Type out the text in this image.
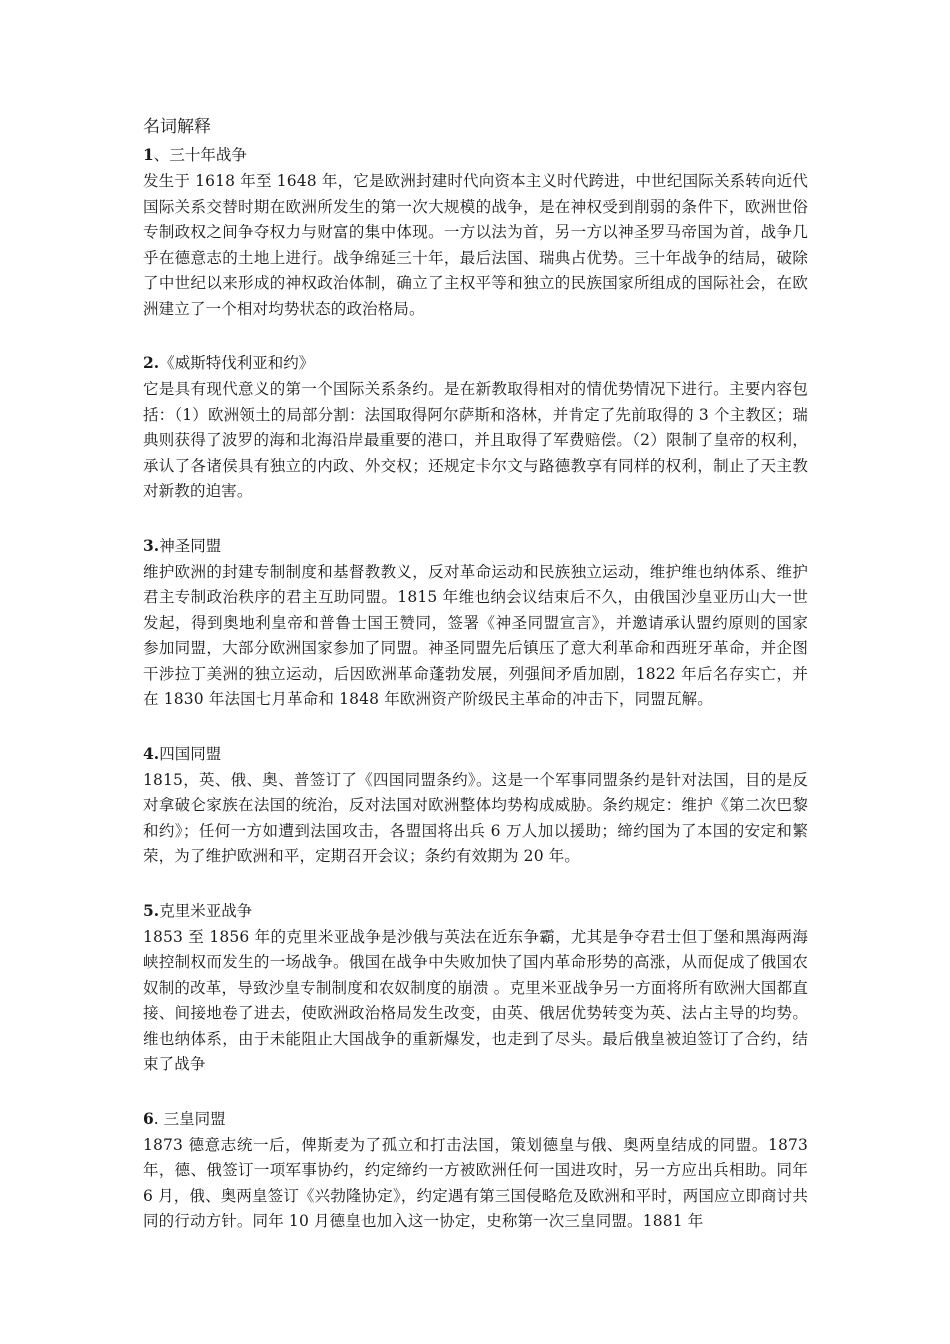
名词解释
1、三十年战争

发生于 1618 年至 1648 年，它是欧洲封建时代向资本主义时代跨进，中世纪国际关系转向近代国际关系交替时期在欧洲所发生的第一次大规模的战争，是在神权受到削弱的条件下，欧洲世俗专制政权之间争夺权力与财富的集中体现。一方以法为首，另一方以神圣罗马帝国为首，战争几乎在德意志的土地上进行。战争绵延三十年，最后法国、瑞典占优势。三十年战争的结局，破除了中世纪以来形成的神权政治体制，确立了主权平等和独立的民族国家所组成的国际社会，在欧洲建立了一个相对均势状态的政治格局。

2.《威斯特伐利亚和约》

它是具有现代意义的第一个国际关系条约。是在新教取得相对的情优势情况下进行。主要内容包括：（1）欧洲领土的局部分割：法国取得阿尔萨斯和洛林，并肯定了先前取得的 3 个主教区；瑞典则获得了波罗的海和北海沿岸最重要的港口，并且取得了军费赔偿。（2）限制了皇帝的权利，承认了各诸侯具有独立的内政、外交权；还规定卡尔文与路德教享有同样的权利，制止了天主教对新教的迫害。

3.神圣同盟

维护欧洲的封建专制制度和基督教教义，反对革命运动和民族独立运动，维护维也纳体系、维护君主专制政治秩序的君主互助同盟。1815 年维也纳会议结束后不久，由俄国沙皇亚历山大一世发起，得到奥地利皇帝和普鲁士国王赞同，签署《神圣同盟宣言》，并邀请承认盟约原则的国家参加同盟，大部分欧洲国家参加了同盟。神圣同盟先后镇压了意大利革命和西班牙革命，并企图干涉拉丁美洲的独立运动，后因欧洲革命蓬勃发展，列强间矛盾加剧，1822 年后名存实亡，并在 1830 年法国七月革命和 1848 年欧洲资产阶级民主革命的冲击下，同盟瓦解。

4.四国同盟

1815，英、俄、奥、普签订了《四国同盟条约》。这是一个军事同盟条约是针对法国，目的是反对拿破仑家族在法国的统治，反对法国对欧洲整体均势构成威胁。条约规定：维护《第二次巴黎和约》；任何一方如遭到法国攻击，各盟国将出兵 6 万人加以援助；缔约国为了本国的安定和繁荣，为了维护欧洲和平，定期召开会议；条约有效期为 20 年。

5.克里米亚战争

1853 至 1856 年的克里米亚战争是沙俄与英法在近东争霸，尤其是争夺君士但丁堡和黑海两海峡控制权而发生的一场战争。俄国在战争中失败加快了国内革命形势的高涨，从而促成了俄国农奴制的改革，导致沙皇专制制度和农奴制度的崩溃 。克里米亚战争另一方面将所有欧洲大国都直接、间接地卷了进去，使欧洲政治格局发生改变，由英、俄居优势转变为英、法占主导的均势。维也纳体系，由于未能阻止大国战争的重新爆发，也走到了尽头。最后俄皇被迫签订了合约，结束了战争

6. 三皇同盟

1873 德意志统一后，俾斯麦为了孤立和打击法国，策划德皇与俄、奥两皇结成的同盟。1873 年，德、俄签订一项军事协约，约定缔约一方被欧洲任何一国进攻时，另一方应出兵相助。同年 6 月，俄、奥两皇签订《兴勃隆协定》，约定遇有第三国侵略危及欧洲和平时，两国应立即商讨共同的行动方针。同年 10 月德皇也加入这一协定，史称第一次三皇同盟。1881 年
